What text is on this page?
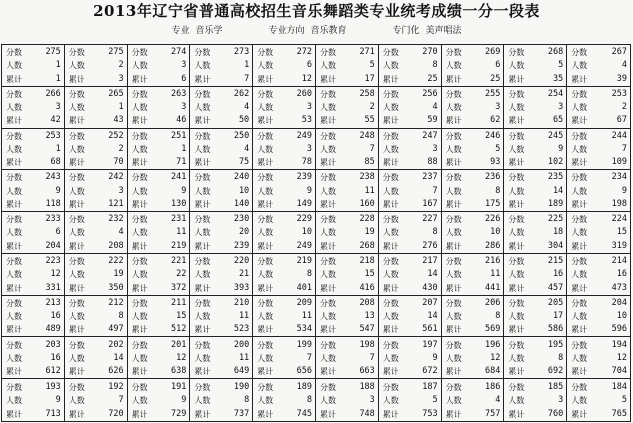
2013年辽宁省普通高校招生音乐舞蹈类专业统考成绩一分一段表
专业 音乐学	专业方向 音乐教育	专门化 美声唱法
分数	275
人数	1
累计	1
分数	275
人数	2
累计	3
分数	274
人数	3
累计	6
分数	273
人数	1
累计	7
分数	272
人数	6
累计	12
分数	271
人数	5
累计	17
分数	270
人数	8
累计	25
分数	269
人数	6
累计	25
分数	268
人数	5
累计	35
分数	267
人数	4
累计	39
分数	266
人数	3
累计	42
分数	265
人数	1
累计	43
分数	263
人数	3
累计	46
分数	262
人数	4
累计	50
分数	260
人数	3
累计	53
分数	258
人数	2
累计	55
分数	256
人数	4
累计	59
分数	255
人数	3
累计	62
分数	254
人数	3
累计	65
分数	253
人数	2
累计	67
分数	253
人数	1
累计	68
分数	252
人数	2
累计	70
分数	251
人数	1
累计	71
分数	250
人数	4
累计	75
分数	249
人数	3
累计	78
分数	248
人数	7
累计	85
分数	247
人数	3
累计	88
分数	246
人数	5
累计	93
分数	245
人数	9
累计	102
分数	244
人数	7
累计	109
分数	243
人数	9
累计	118
分数	242
人数	3
累计	121
分数	241
人数	9
累计	130
分数	240
人数	10
累计	140
分数	239
人数	9
累计	149
分数	238
人数	11
累计	160
分数	237
人数	7
累计	167
分数	236
人数	8
累计	175
分数	235
人数	14
累计	189
分数	234
人数	9
累计	198
分数	233
人数	6
累计	204
分数	232
人数	4
累计	208
分数	231
人数	11
累计	219
分数	230
人数	20
累计	239
分数	229
人数	10
累计	249
分数	228
人数	19
累计	268
分数	227
人数	8
累计	276
分数	226
人数	10
累计	286
分数	225
人数	18
累计	304
分数	224
人数	15
累计	319
分数	223
人数	12
累计	331
分数	222
人数	19
累计	350
分数	221
人数	22
累计	372
分数	220
人数	21
累计	393
分数	219
人数	8
累计	401
分数	218
人数	15
累计	416
分数	217
人数	14
累计	430
分数	216
人数	11
累计	441
分数	215
人数	16
累计	457
分数	214
人数	16
累计	473
分数	213
人数	16
累计	489
分数	212
人数	8
累计	497
分数	211
人数	15
累计	512
分数	210
人数	11
累计	523
分数	209
人数	11
累计	534
分数	208
人数	13
累计	547
分数	207
人数	14
累计	561
分数	206
人数	8
累计	569
分数	205
人数	17
累计	586
分数	204
人数	10
累计	596
分数	203
人数	16
累计	612
分数	202
人数	14
累计	626
分数	201
人数	12
累计	638
分数	200
人数	11
累计	649
分数	199
人数	7
累计	656
分数	198
人数	7
累计	663
分数	197
人数	9
累计	672
分数	196
人数	12
累计	684
分数	195
人数	8
累计	692
分数	194
人数	12
累计	704
分数	193
人数	9
累计	713
分数	192
人数	7
累计	720
分数	191
人数	9
累计	729
分数	190
人数	8
累计	737
分数	189
人数	8
累计	745
分数	188
人数	3
累计	748
分数	187
人数	5
累计	753
分数	186
人数	4
累计	757
分数	185
人数	3
累计	760
分数	184
人数	5
累计	765
